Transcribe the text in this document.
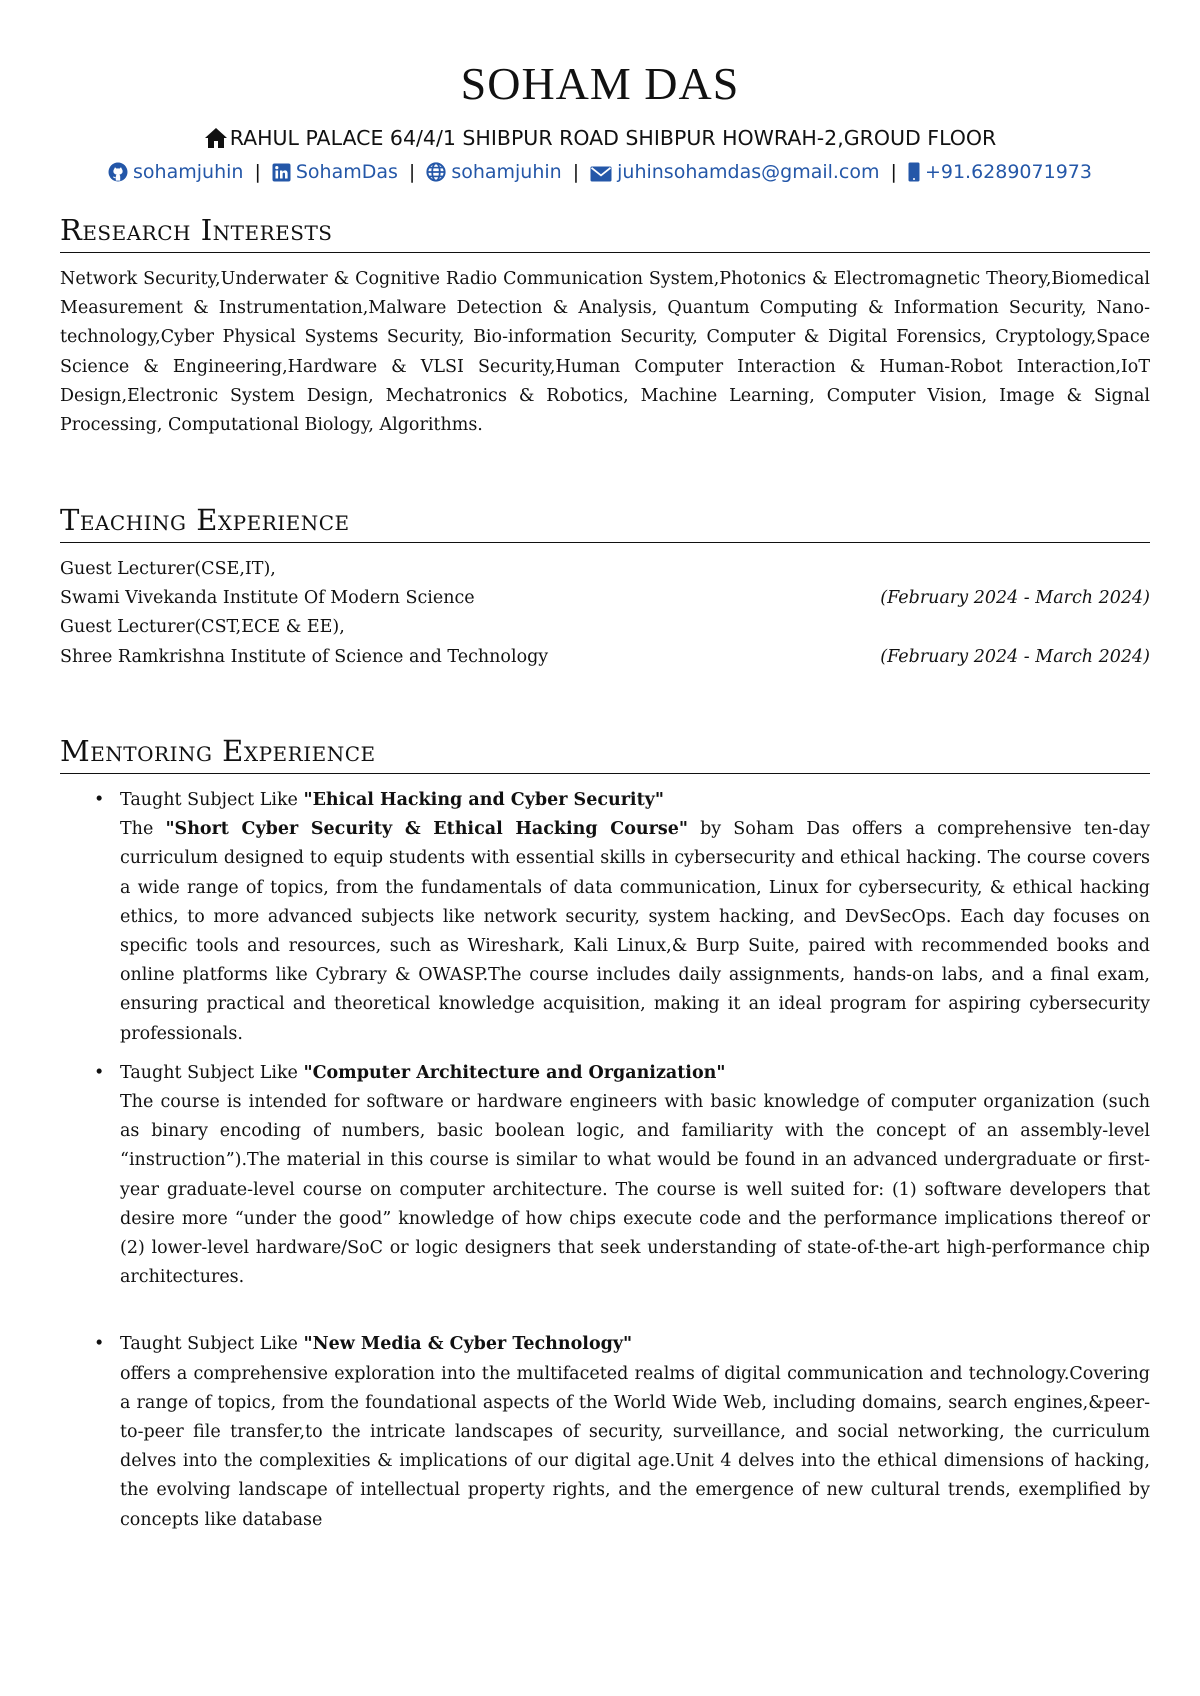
SOHAM DAS
RAHUL PALACE 64/4/1 SHIBPUR ROAD SHIBPUR HOWRAH-2,GROUD FLOOR
sohamjuhin | SohamDas | sohamjuhin | juhinsohamdas@gmail.com | +91.6289071973
Research Interests

Network Security,Underwater & Cognitive Radio Communication System,Photonics & Electromagnetic Theory,Biomedical Measurement & Instrumentation,Malware Detection & Analysis, Quantum Computing & Information Security, Nano-technology,Cyber Physical Systems Security, Bio-information Security, Computer & Digital Forensics, Cryptology,Space Science & Engineering,Hardware & VLSI Security,Human Computer Interaction & Human-Robot Interaction,IoT Design,Electronic System Design, Mechatronics & Robotics, Machine Learning, Computer Vision, Image & Signal Processing, Computational Biology, Algorithms.

Teaching Experience
Guest Lecturer(CSE,IT),
Swami Vivekanda Institute Of Modern Science	(February 2024 - March 2024)
Guest Lecturer(CST,ECE & EE),
Shree Ramkrishna Institute of Science and Technology	(February 2024 - March 2024)
Mentoring Experience
• Taught Subject Like "Ehical Hacking and Cyber Security"
The "Short Cyber Security & Ethical Hacking Course" by Soham Das offers a comprehensive ten-day curriculum designed to equip students with essential skills in cybersecurity and ethical hacking. The course covers a wide range of topics, from the fundamentals of data communication, Linux for cybersecurity, & ethical hacking ethics, to more advanced subjects like network security, system hacking, and DevSecOps. Each day focuses on specific tools and resources, such as Wireshark, Kali Linux,& Burp Suite, paired with recommended books and online platforms like Cybrary & OWASP.The course includes daily assignments, hands-on labs, and a final exam, ensuring practical and theoretical knowledge acquisition, making it an ideal program for aspiring cybersecurity professionals.
• Taught Subject Like "Computer Architecture and Organization"
The course is intended for software or hardware engineers with basic knowledge of computer organization (such as binary encoding of numbers, basic boolean logic, and familiarity with the concept of an assembly-level “instruction”).The material in this course is similar to what would be found in an advanced undergraduate or first-year graduate-level course on computer architecture. The course is well suited for: (1) software developers that desire more “under the good” knowledge of how chips execute code and the performance implications thereof or (2) lower-level hardware/SoC or logic designers that seek understanding of state-of-the-art high-performance chip architectures.
• Taught Subject Like "New Media & Cyber Technology"
offers a comprehensive exploration into the multifaceted realms of digital communication and technology.Covering a range of topics, from the foundational aspects of the World Wide Web, including domains, search engines,&peer-to-peer file transfer,to the intricate landscapes of security, surveillance, and social networking, the curriculum delves into the complexities & implications of our digital age.Unit 4 delves into the ethical dimensions of hacking, the evolving landscape of intellectual property rights, and the emergence of new cultural trends, exemplified by concepts like database
